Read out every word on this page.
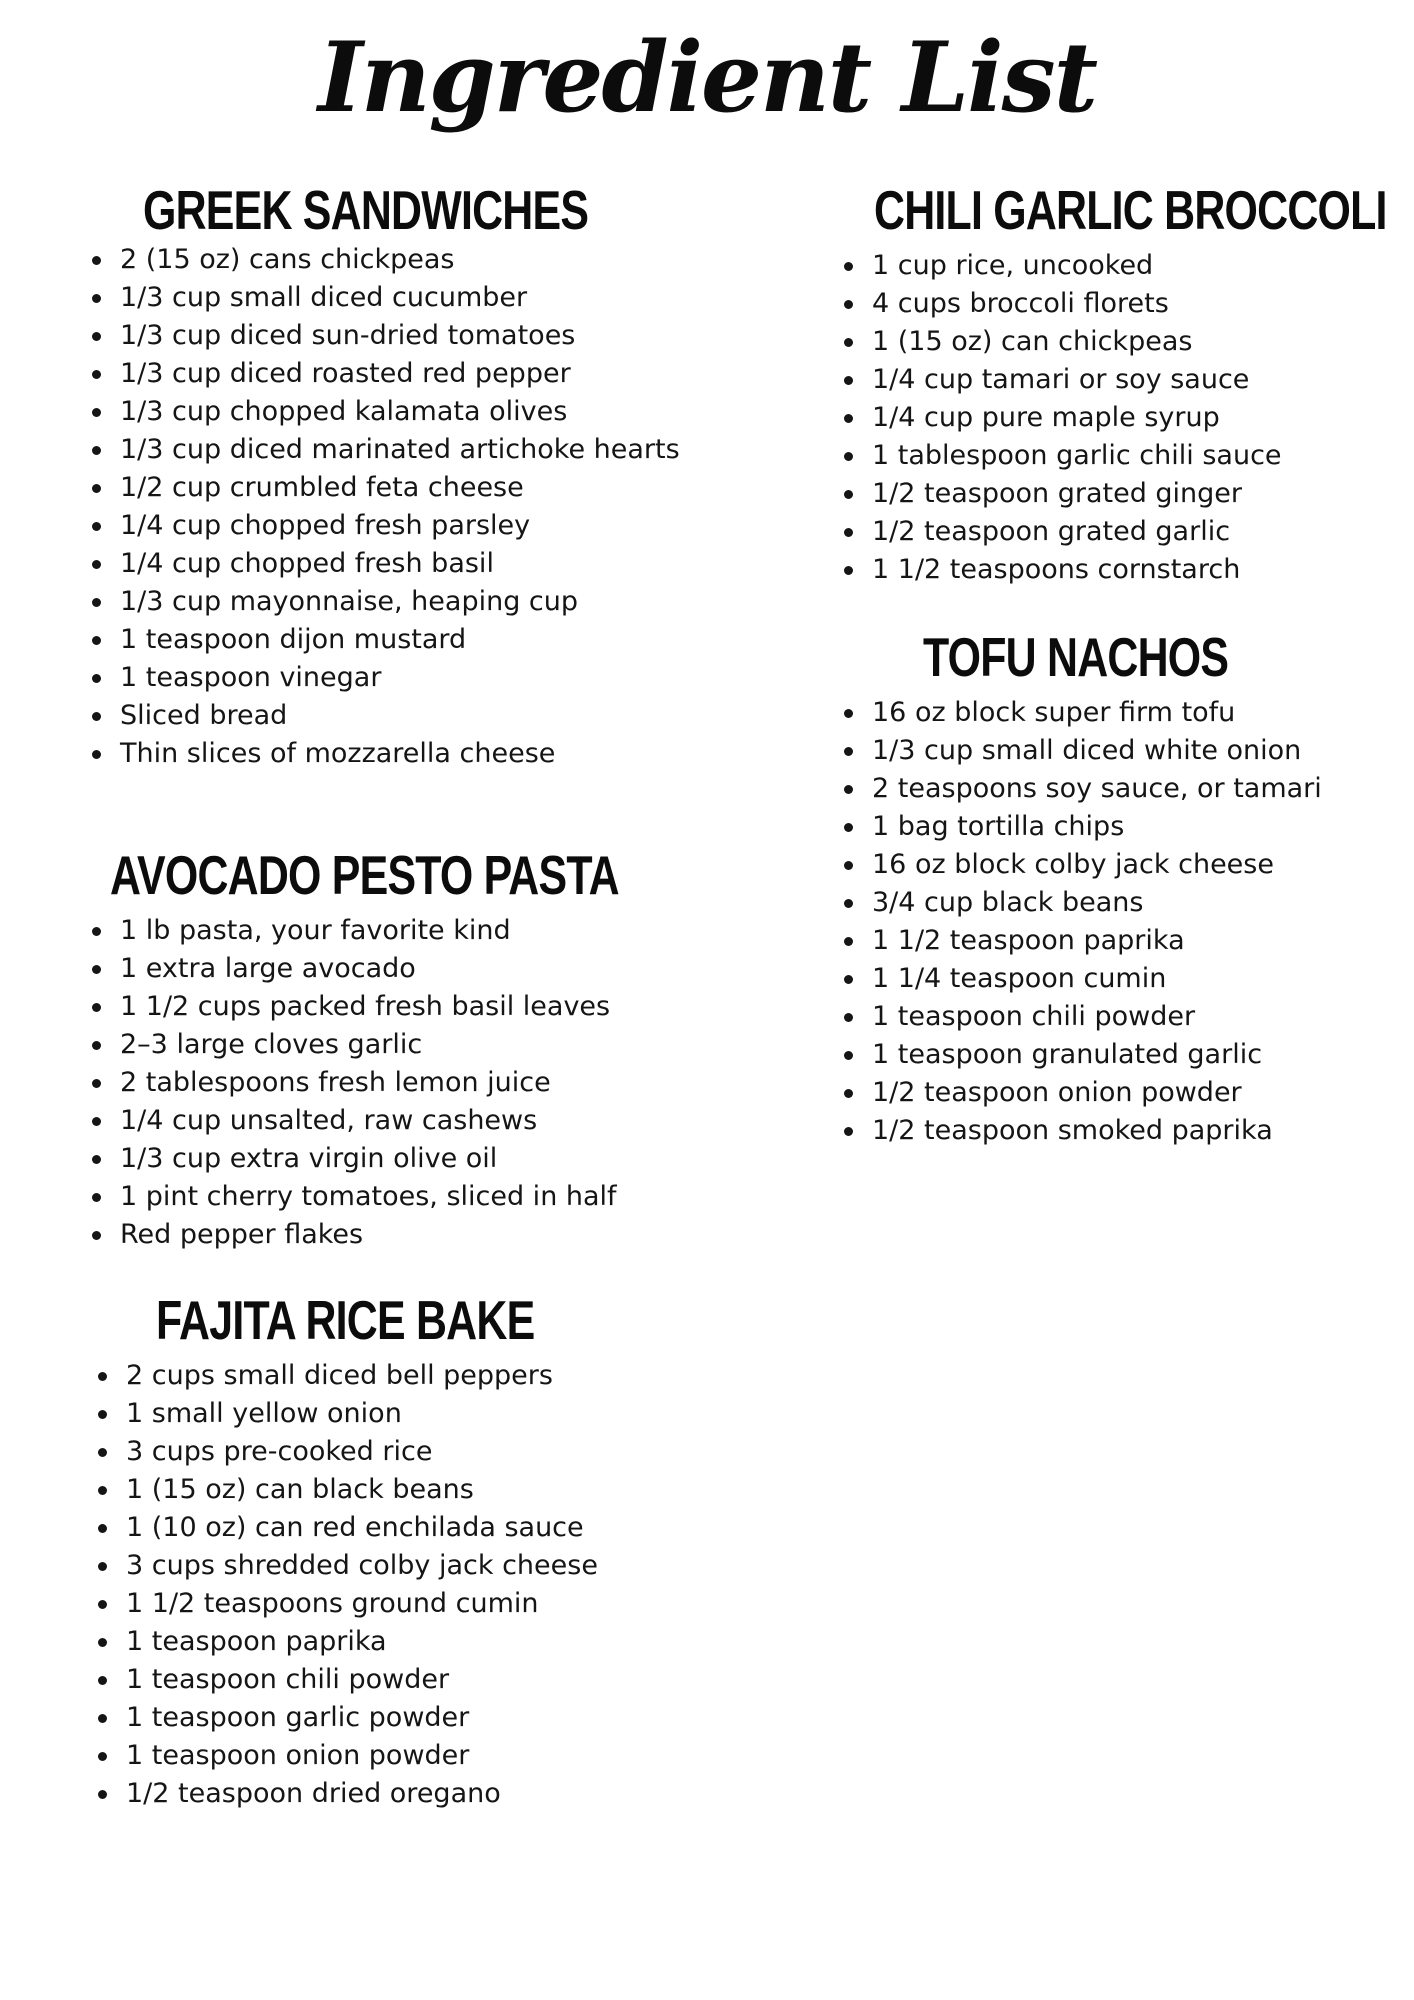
Ingredient List
GREEK SANDWICHES
2 (15 oz) cans chickpeas
1/3 cup small diced cucumber
1/3 cup diced sun-dried tomatoes
1/3 cup diced roasted red pepper
1/3 cup chopped kalamata olives
1/3 cup diced marinated artichoke hearts
1/2 cup crumbled feta cheese
1/4 cup chopped fresh parsley
1/4 cup chopped fresh basil
1/3 cup mayonnaise, heaping cup
1 teaspoon dijon mustard
1 teaspoon vinegar
Sliced bread
Thin slices of mozzarella cheese
AVOCADO PESTO PASTA
1 lb pasta, your favorite kind
1 extra large avocado
1 1/2 cups packed fresh basil leaves
2–3 large cloves garlic
2 tablespoons fresh lemon juice
1/4 cup unsalted, raw cashews
1/3 cup extra virgin olive oil
1 pint cherry tomatoes, sliced in half
Red pepper flakes
FAJITA RICE BAKE
2 cups small diced bell peppers
1 small yellow onion
3 cups pre-cooked rice
1 (15 oz) can black beans
1 (10 oz) can red enchilada sauce
3 cups shredded colby jack cheese
1 1/2 teaspoons ground cumin
1 teaspoon paprika
1 teaspoon chili powder
1 teaspoon garlic powder
1 teaspoon onion powder
1/2 teaspoon dried oregano
CHILI GARLIC BROCCOLI
1 cup rice, uncooked
4 cups broccoli florets
1 (15 oz) can chickpeas
1/4 cup tamari or soy sauce
1/4 cup pure maple syrup
1 tablespoon garlic chili sauce
1/2 teaspoon grated ginger
1/2 teaspoon grated garlic
1 1/2 teaspoons cornstarch
TOFU NACHOS
16 oz block super firm tofu
1/3 cup small diced white onion
2 teaspoons soy sauce, or tamari
1 bag tortilla chips
16 oz block colby jack cheese
3/4 cup black beans
1 1/2 teaspoon paprika
1 1/4 teaspoon cumin
1 teaspoon chili powder
1 teaspoon granulated garlic
1/2 teaspoon onion powder
1/2 teaspoon smoked paprika
